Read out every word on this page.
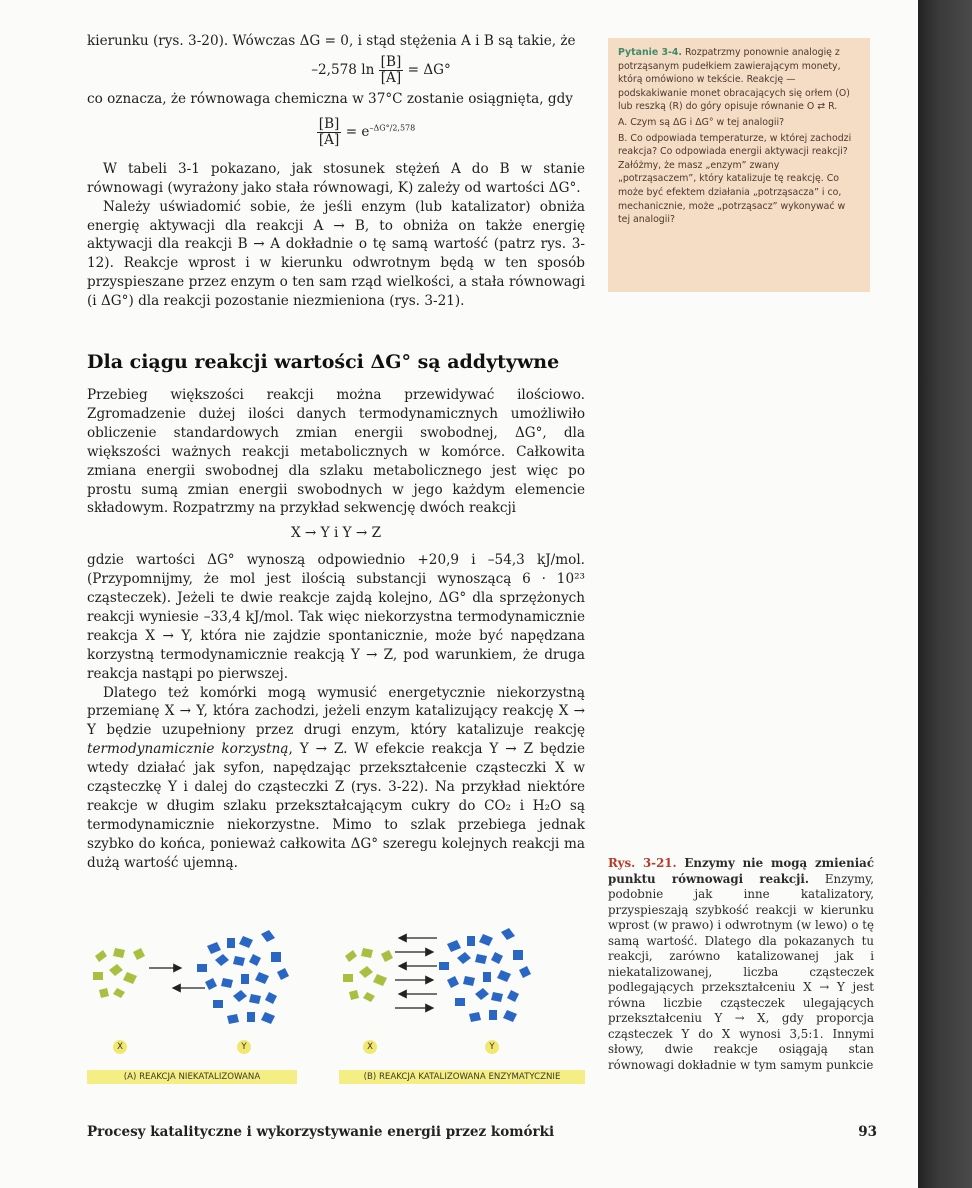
kierunku (rys. 3-20). Wówczas ΔG = 0, i stąd stężenia A i B są takie, że

–2,578 $\ln \frac{[B]}{[A]} = \Delta G^\circ$

co oznacza, że równowaga chemiczna w 37°C zostanie osiągnięta, gdy

$\frac{[B]}{[A]} = e^{-\Delta G^\circ/2,578}$

W tabeli 3-1 pokazano, jak stosunek stężeń A do B w stanie równowagi (wyrażony jako stała równowagi, K) zależy od wartości ΔG°.

Należy uświadomić sobie, że jeśli enzym (lub katalizator) obniża energię aktywacji dla reakcji A → B, to obniża on także energię aktywacji dla reakcji B → A dokładnie o tę samą wartość (patrz rys. 3-12). Reakcje wprost i w kierunku odwrotnym będą w ten sposób przyspieszane przez enzym o ten sam rząd wielkości, a stała równowagi (i ΔG°) dla reakcji pozostanie niezmieniona (rys. 3-21).

Dla ciągu reakcji wartości ΔG° są addytywne

Przebieg większości reakcji można przewidywać ilościowo. Zgromadzenie dużej ilości danych termodynamicznych umożliwiło obliczenie standardowych zmian energii swobodnej, ΔG°, dla większości ważnych reakcji metabolicznych w komórce. Całkowita zmiana energii swobodnej dla szlaku metabolicznego jest więc po prostu sumą zmian energii swobodnych w jego każdym elemencie składowym. Rozpatrzmy na przykład sekwencję dwóch reakcji

X → Y i Y → Z

gdzie wartości ΔG° wynoszą odpowiednio +20,9 i –54,3 kJ/mol. (Przypomnijmy, że mol jest ilością substancji wynoszącą 6 · 10²³ cząsteczek). Jeżeli te dwie reakcje zajdą kolejno, ΔG° dla sprzężonych reakcji wyniesie –33,4 kJ/mol. Tak więc niekorzystna termodynamicznie reakcja X → Y, która nie zajdzie spontanicznie, może być napędzana korzystną termodynamicznie reakcją Y → Z, pod warunkiem, że druga reakcja nastąpi po pierwszej.

Dlatego też komórki mogą wymusić energetycznie niekorzystną przemianę X → Y, która zachodzi, jeżeli enzym katalizujący reakcję X → Y będzie uzupełniony przez drugi enzym, który katalizuje reakcję termodynamicznie korzystną, Y → Z. W efekcie reakcja Y → Z będzie wtedy działać jak syfon, napędzając przekształcenie cząsteczki X w cząsteczkę Y i dalej do cząsteczki Z (rys. 3-22). Na przykład niektóre reakcje w długim szlaku przekształcającym cukry do CO₂ i H₂O są termodynamicznie niekorzystne. Mimo to szlak przebiega jednak szybko do końca, ponieważ całkowita ΔG° szeregu kolejnych reakcji ma dużą wartość ujemną.

Pytanie 3-4. Rozpatrzmy ponownie analogię z potrząsanym pudełkiem zawierającym monety, którą omówiono w tekście. Reakcję — podskakiwanie monet obracających się orłem (O) lub reszką (R) do góry opisuje równanie O ⇄ R.
A. Czym są ΔG i ΔG° w tej analogii?
B. Co odpowiada temperaturze, w której zachodzi reakcja? Co odpowiada energii aktywacji reakcji? Załóżmy, że masz „enzym” zwany „potrząsaczem”, który katalizuje tę reakcję. Co może być efektem działania „potrząsacza” i co, mechanicznie, może „potrząsacz” wykonywać w tej analogii?
X	Y	X	Y
(A) REAKCJA NIEKATALIZOWANA	(B) REAKCJA KATALIZOWANA ENZYMATYCZNIE
Rys. 3-21. Enzymy nie mogą zmieniać punktu równowagi reakcji. Enzymy, podobnie jak inne katalizatory, przyspieszają szybkość reakcji w kierunku wprost (w prawo) i odwrotnym (w lewo) o tę samą wartość. Dlatego dla pokazanych tu reakcji, zarówno katalizowanej jak i niekatalizowanej, liczba cząsteczek podlegających przekształceniu X → Y jest równa liczbie cząsteczek ulegających przekształceniu Y → X, gdy proporcja cząsteczek Y do X wynosi 3,5:1. Innymi słowy, dwie reakcje osiągają stan równowagi dokładnie w tym samym punkcie
Procesy katalityczne i wykorzystywanie energii przez komórki	93
